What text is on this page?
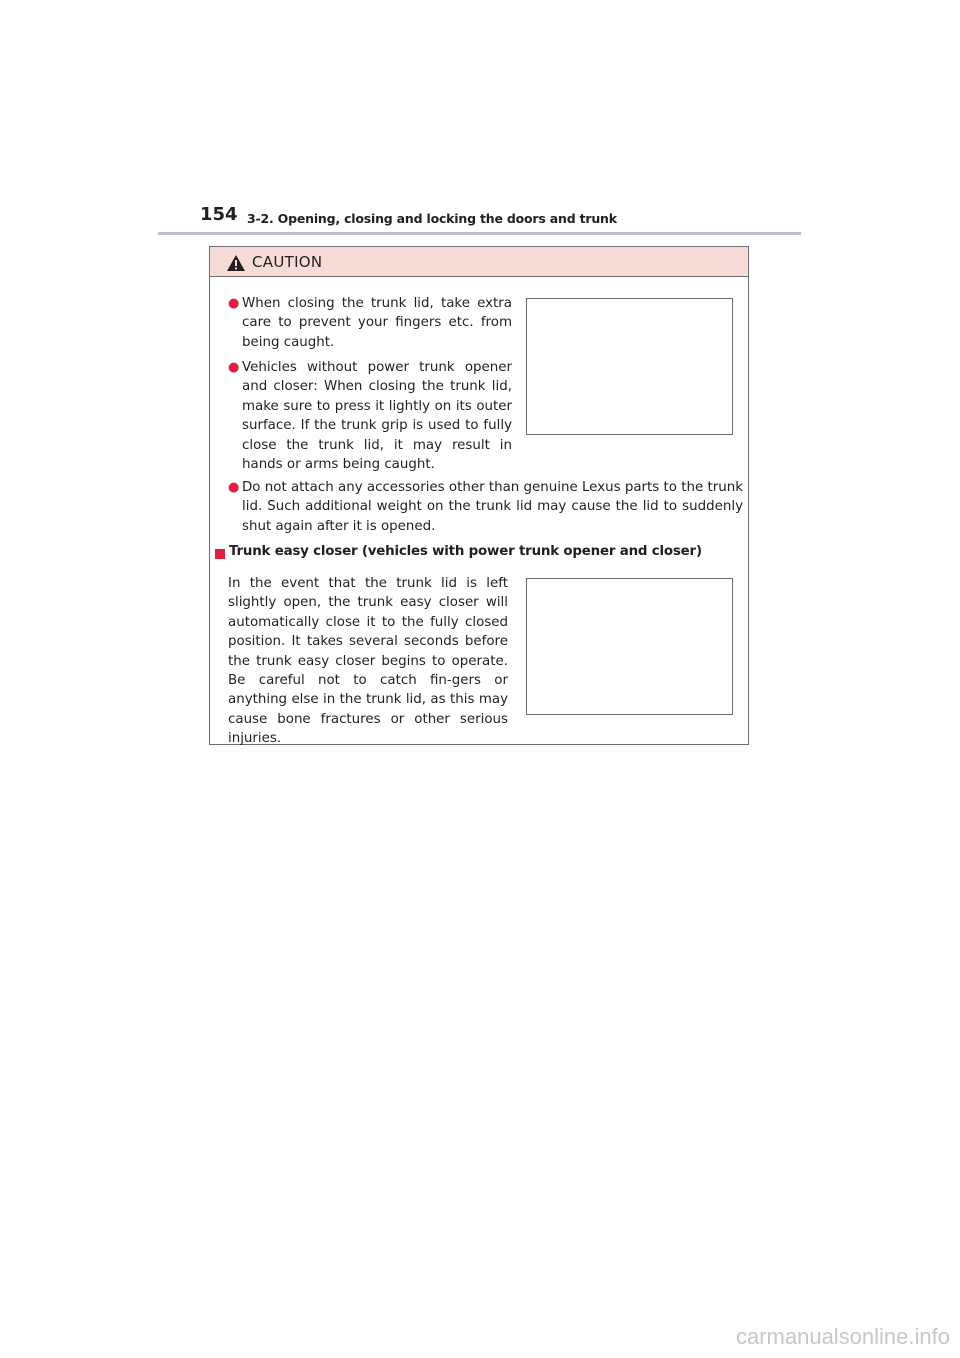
154 3-2. Opening, closing and locking the doors and trunk
CAUTION
● When closing the trunk lid, take extra care to prevent your fingers etc. from being caught.

● Vehicles without power trunk opener and closer: When closing the trunk lid, make sure to press it lightly on its outer surface. If the trunk grip is used to fully close the trunk lid, it may result in hands or arms being caught.

● Do not attach any accessories other than genuine Lexus parts to the trunk lid. Such additional weight on the trunk lid may cause the lid to suddenly shut again after it is opened.

Trunk easy closer (vehicles with power trunk opener and closer)

In the event that the trunk lid is left slightly open, the trunk easy closer will automatically close it to the fully closed position. It takes several seconds before the trunk easy closer begins to operate. Be careful not to catch fin-gers or anything else in the trunk lid, as this may cause bone fractures or other serious injuries.

carmanualsonline.info
